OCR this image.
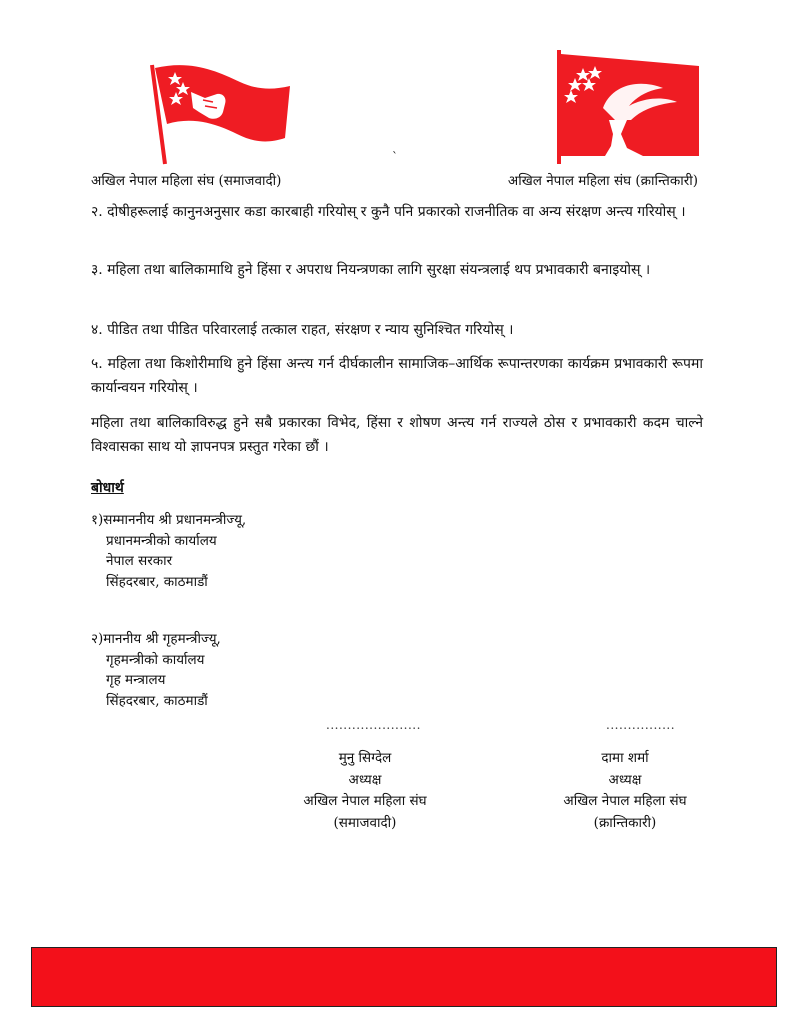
`
अखिल नेपाल महिला संघ (समाजवादी)	अखिल नेपाल महिला संघ (क्रान्तिकारी)
२. दोषीहरूलाई कानुनअनुसार कडा कारबाही गरियोस् र कुनै पनि प्रकारको राजनीतिक वा अन्य संरक्षण अन्त्य गरियोस् ।
३. महिला तथा बालिकामाथि हुने हिंसा र अपराध नियन्त्रणका लागि सुरक्षा संयन्त्रलाई थप प्रभावकारी बनाइयोस् ।
४. पीडित तथा पीडित परिवारलाई तत्काल राहत, संरक्षण र न्याय सुनिश्चित गरियोस् ।
५. महिला तथा किशोरीमाथि हुने हिंसा अन्त्य गर्न दीर्घकालीन सामाजिक–आर्थिक रूपान्तरणका कार्यक्रम प्रभावकारी रूपमा कार्यान्वयन गरियोस् ।
महिला तथा बालिकाविरुद्ध हुने सबै प्रकारका विभेद, हिंसा र शोषण अन्त्य गर्न राज्यले ठोस र प्रभावकारी कदम चाल्ने विश्वासका साथ यो ज्ञापनपत्र प्रस्तुत गरेका छौं ।
बोधार्थ
१)सम्माननीय श्री प्रधानमन्त्रीज्यू,
प्रधानमन्त्रीको कार्यालय
नेपाल सरकार
सिंहदरबार, काठमाडौं
२)माननीय श्री गृहमन्त्रीज्यू,
गृहमन्त्रीको कार्यालय
गृह मन्त्रालय
सिंहदरबार, काठमाडौं
......................	................
मुनु सिग्देल
अध्यक्ष
अखिल नेपाल महिला संघ
(समाजवादी)
दामा शर्मा
अध्यक्ष
अखिल नेपाल महिला संघ
(क्रान्तिकारी)
